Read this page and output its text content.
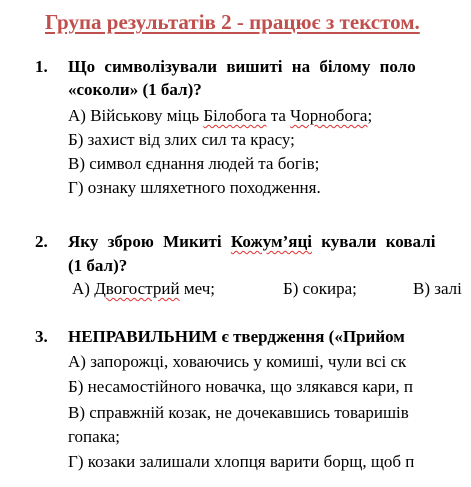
Група результатів 2 - працює з текстом.
1. Що символізували вишиті на білому поло
«соколи» (1 бал)?
А) Військову міць Білобога та Чорнобога;
Б) захист від злих сил та красу;
В) символ єднання людей та богів;
Г) ознаку шляхетного походження.
2. Яку зброю Микиті Кожум’яці кували ковалі
(1 бал)?
А) Двогострий меч;	Б) сокира;	В) залі
3. НЕПРАВИЛЬНИМ є твердження («Прийом
А) запорожці, ховаючись у комиші, чули всі ск
Б) несамостійного новачка, що злякався кари, п
В) справжній козак, не дочекавшись товаришів
гопака;
Г) козаки залишали хлопця варити борщ, щоб п
